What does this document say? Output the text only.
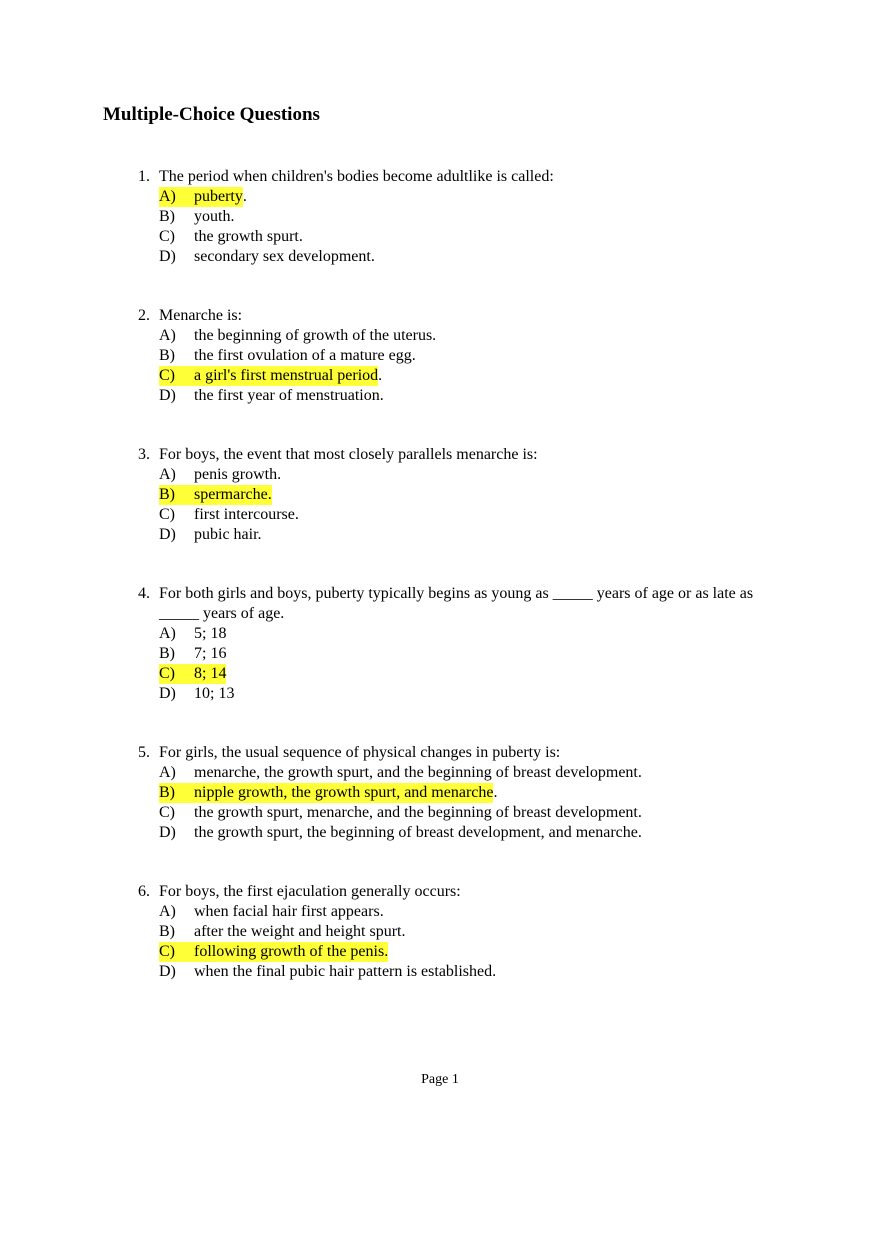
Multiple-Choice Questions
1. The period when children's bodies become adultlike is called:
A)	puberty .
B)	youth.
C)	the growth spurt.
D)	secondary sex development.
2. Menarche is:
A)	the beginning of growth of the uterus.
B)	the first ovulation of a mature egg.
C)	a girl's first menstrual period .
D)	the first year of menstruation.
3. For boys, the event that most closely parallels menarche is:
A)	penis growth.
B)	spermarche.
C)	first intercourse.
D)	pubic hair.
4. For both girls and boys, puberty typically begins as young as _____ years of age or as late as _____ years of age.
A)	5; 18
B)	7; 16
C)	8; 14
D)	10; 13
5. For girls, the usual sequence of physical changes in puberty is:
A)	menarche, the growth spurt, and the beginning of breast development.
B)	nipple growth, the growth spurt, and menarche .
C)	the growth spurt, menarche, and the beginning of breast development.
D)	the growth spurt, the beginning of breast development, and menarche.
6. For boys, the first ejaculation generally occurs:
A)	when facial hair first appears.
B)	after the weight and height spurt.
C)	following growth of the penis.
D)	when the final pubic hair pattern is established.
Page 1
